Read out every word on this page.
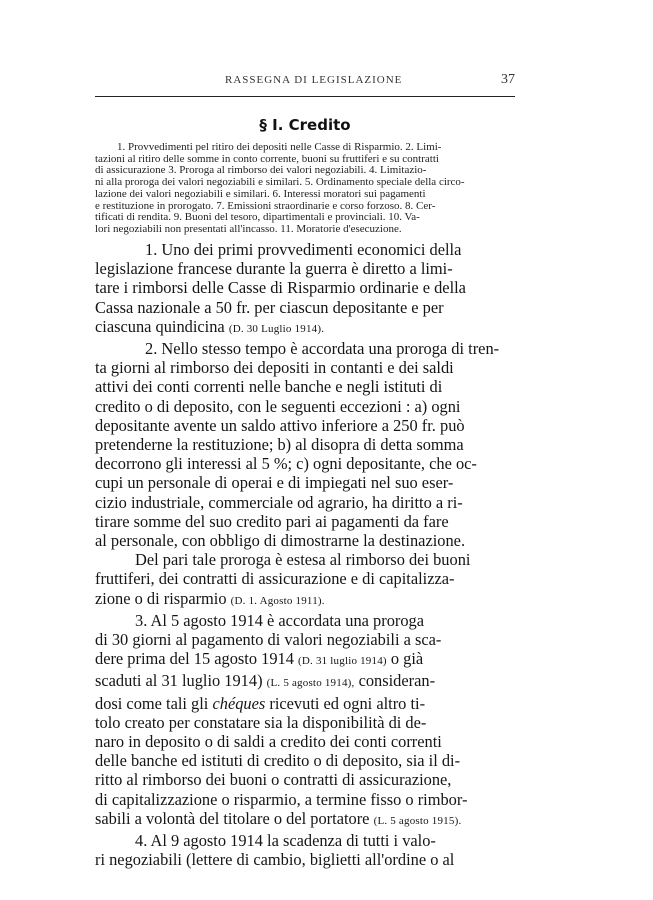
RASSEGNA DI LEGISLAZIONE	37
§ I. Credito
1. Provvedimenti pel ritiro dei depositi nelle Casse di Risparmio. 2. Limi-
tazioni al ritiro delle somme in conto corrente, buoni su fruttiferi e su contratti
di assicurazione 3. Proroga al rimborso dei valori negoziabili. 4. Limitazio-
ni alla proroga dei valori negoziabili e similari. 5. Ordinamento speciale della circo-
lazione dei valori negoziabili e similari. 6. Interessi moratori sui pagamenti
e restituzione in prorogato. 7. Emissioni straordinarie e corso forzoso. 8. Cer-
tificati di rendita. 9. Buoni del tesoro, dipartimentali e provinciali. 10. Va-
lori negoziabili non presentati all'incasso. 11. Moratorie d'esecuzione.
1. Uno dei primi provvedimenti economici della
legislazione francese durante la guerra è diretto a limi-
tare i rimborsi delle Casse di Risparmio ordinarie e della
Cassa nazionale a 50 fr. per ciascun depositante e per
ciascuna quindicina (D. 30 Luglio 1914).
2. Nello stesso tempo è accordata una proroga di tren-
ta giorni al rimborso dei depositi in contanti e dei saldi
attivi dei conti correnti nelle banche e negli istituti di
credito o di deposito, con le seguenti eccezioni : a) ogni
depositante avente un saldo attivo inferiore a 250 fr. può
pretenderne la restituzione; b) al disopra di detta somma
decorrono gli interessi al 5 %; c) ogni depositante, che oc-
cupi un personale di operai e di impiegati nel suo eser-
cizio industriale, commerciale od agrario, ha diritto a ri-
tirare somme del suo credito pari ai pagamenti da fare
al personale, con obbligo di dimostrarne la destinazione.
Del pari tale proroga è estesa al rimborso dei buoni
fruttiferi, dei contratti di assicurazione e di capitalizza-
zione o di risparmio (D. 1. Agosto 1911).
3. Al 5 agosto 1914 è accordata una proroga
di 30 giorni al pagamento di valori negoziabili a sca-
dere prima del 15 agosto 1914 (D. 31 luglio 1914) o già
scaduti al 31 luglio 1914) (L. 5 agosto 1914), consideran-
dosi come tali gli chéques ricevuti ed ogni altro ti-
tolo creato per constatare sia la disponibilità di de-
naro in deposito o di saldi a credito dei conti correnti
delle banche ed istituti di credito o di deposito, sia il di-
ritto al rimborso dei buoni o contratti di assicurazione,
di capitalizzazione o risparmio, a termine fisso o rimbor-
sabili a volontà del titolare o del portatore (L. 5 agosto 1915).
4. Al 9 agosto 1914 la scadenza di tutti i valo-
ri negoziabili (lettere di cambio, biglietti all'ordine o al
